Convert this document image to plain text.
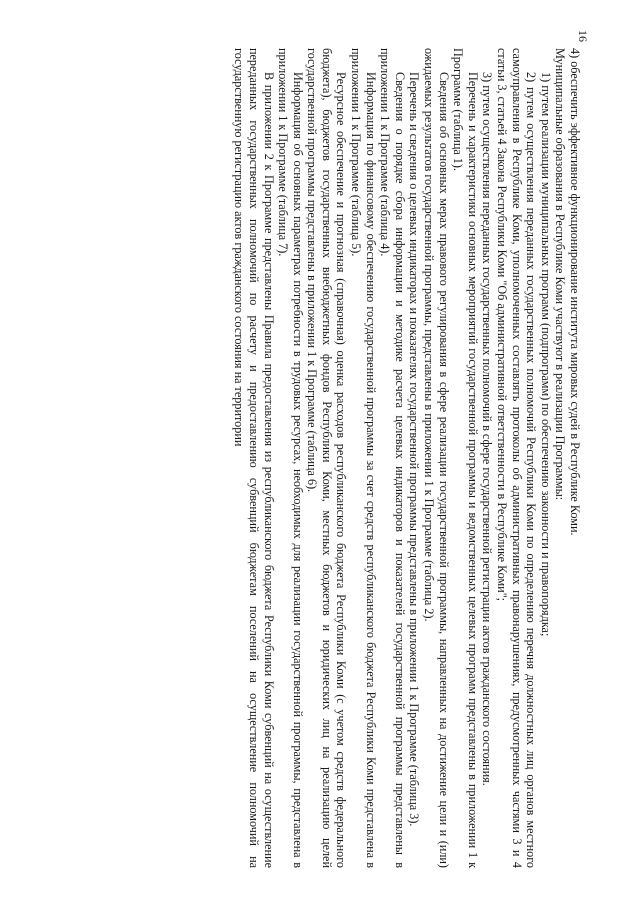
16

4) обеспечить эффективное функционирование института мировых судей в Республике Коми.

Муниципальные образования в Республике Коми участвуют в реализации Программы:

1) путем реализации муниципальных программ (подпрограмм) по обеспечению законности и правопорядка;

2) путем осуществления переданных государственных полномочий Республики Коми по определению перечня должностных лиц органов местного самоуправления в Республике Коми, уполномоченных составлять протоколы об административных правонарушениях, предусмотренных частями 3 и 4 статьи 3, статьей 4 Закона Республики Коми "Об административной ответственности в Республике Коми";

3) путем осуществления переданных государственных полномочий в сфере государственной регистрации актов гражданского состояния.

Перечень и характеристики основных мероприятий государственной программы и ведомственных целевых программ представлены в приложении 1 к Программе (таблица 1).

Сведения об основных мерах правового регулирования в сфере реализации государственной программы, направленных на достижение цели и (или) ожидаемых результатов государственной программы, представлены в приложении 1 к Программе (таблица 2).

Перечень и сведения о целевых индикаторах и показателях государственной программы представлены в приложении 1 к Программе (таблица 3).

Сведения о порядке сбора информации и методике расчета целевых индикаторов и показателей государственной программы представлены в приложении 1 к Программе (таблица 4).

Информация по финансовому обеспечению государственной программы за счет средств республиканского бюджета Республики Коми представлена в приложении 1 к Программе (таблица 5).

Ресурсное обеспечение и прогнозная (справочная) оценка расходов республиканского бюджета Республики Коми (с учетом средств федерального бюджета), бюджетов государственных внебюджетных фондов Республики Коми, местных бюджетов и юридических лиц на реализацию целей государственной программы представлены в приложении 1 к Программе (таблица 6).

Информация об основных параметрах потребности в трудовых ресурсах, необходимых для реализации государственной программы, представлена в приложении 1 к Программе (таблица 7).

В приложении 2 к Программе представлены Правила предоставления из республиканского бюджета Республики Коми субвенций на осуществление переданных государственных полномочий по расчету и предоставлению субвенций бюджетам поселений на осуществление полномочий на государственную регистрацию актов гражданского состояния на территории
